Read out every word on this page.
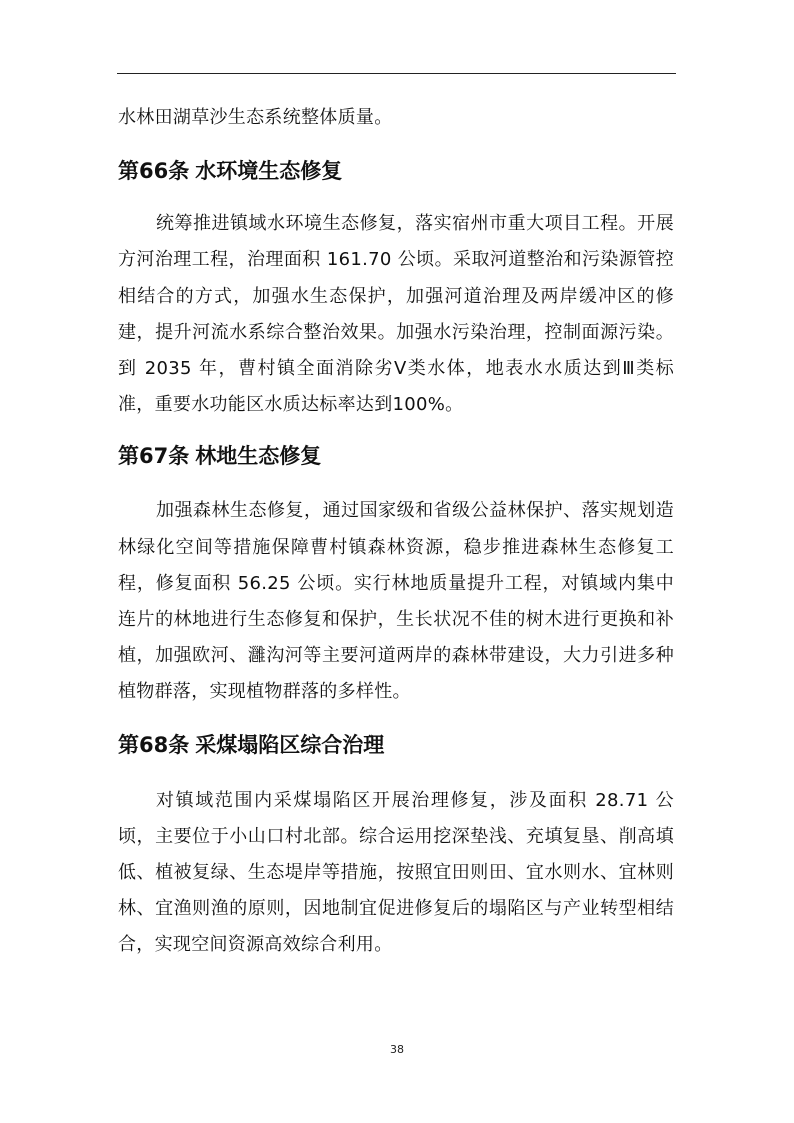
水林田湖草沙生态系统整体质量。

第66条 水环境生态修复

统筹推进镇域水环境生态修复，落实宿州市重大项目工程。开展方河治理工程，治理面积 161.70 公顷。采取河道整治和污染源管控相结合的方式，加强水生态保护，加强河道治理及两岸缓冲区的修建，提升河流水系综合整治效果。加强水污染治理，控制面源污染。到 2035 年，曹村镇全面消除劣Ⅴ类水体，地表水水质达到Ⅲ类标准，重要水功能区水质达标率达到100%。

第67条 林地生态修复

加强森林生态修复，通过国家级和省级公益林保护、落实规划造林绿化空间等措施保障曹村镇森林资源，稳步推进森林生态修复工程，修复面积 56.25 公顷。实行林地质量提升工程，对镇域内集中连片的林地进行生态修复和保护，生长状况不佳的树木进行更换和补植，加强欧河、灉沟河等主要河道两岸的森林带建设，大力引进多种植物群落，实现植物群落的多样性。

第68条 采煤塌陷区综合治理

对镇域范围内采煤塌陷区开展治理修复，涉及面积 28.71 公顷，主要位于小山口村北部。综合运用挖深垫浅、充填复垦、削高填低、植被复绿、生态堤岸等措施，按照宜田则田、宜水则水、宜林则林、宜渔则渔的原则，因地制宜促进修复后的塌陷区与产业转型相结合，实现空间资源高效综合利用。

38
